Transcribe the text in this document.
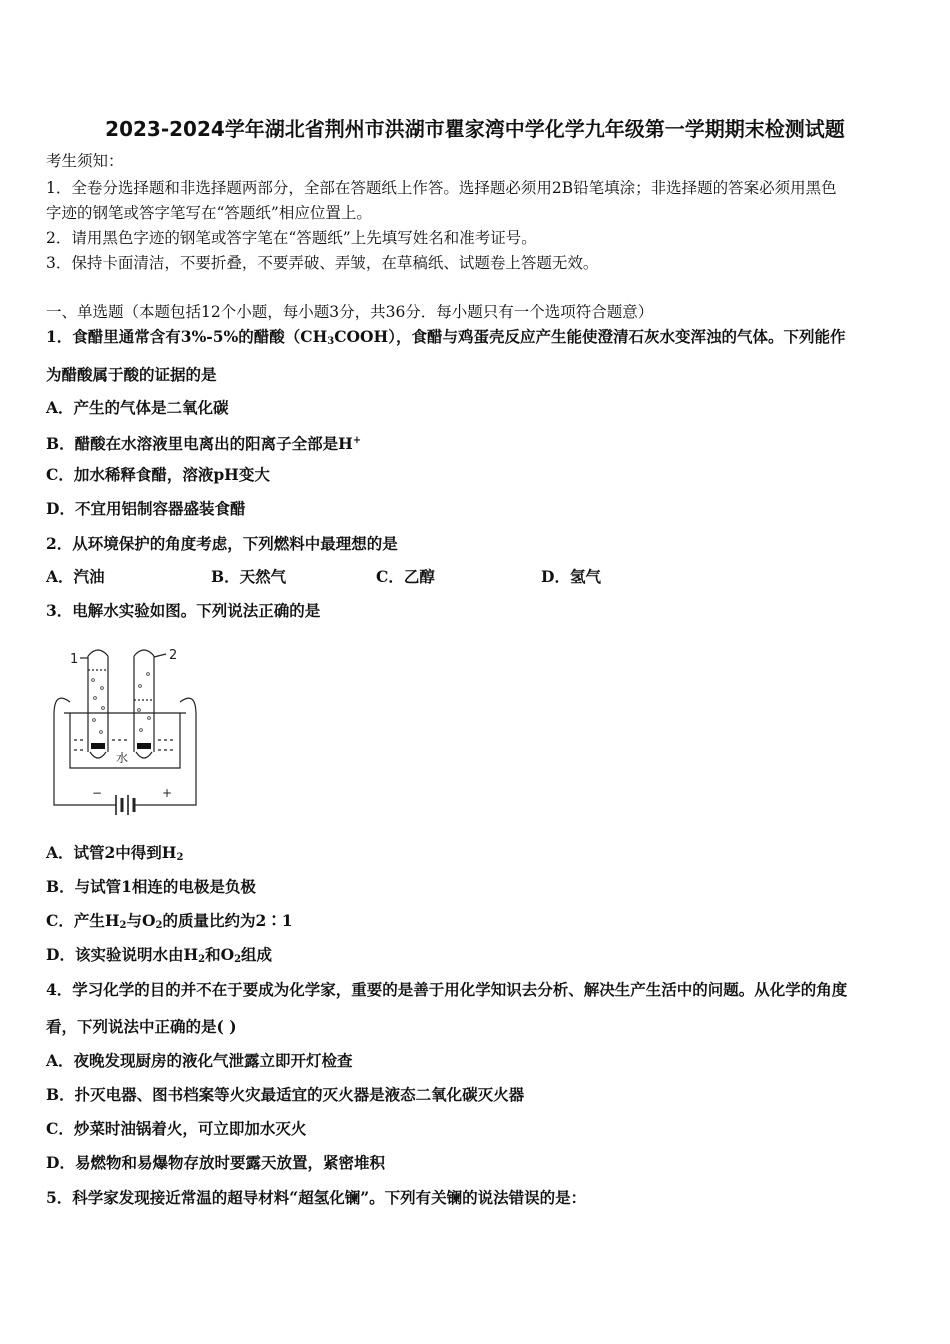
2023-2024学年湖北省荆州市洪湖市瞿家湾中学化学九年级第一学期期末检测试题
考生须知：
1．全卷分选择题和非选择题两部分，全部在答题纸上作答。选择题必须用2B铅笔填涂；非选择题的答案必须用黑色
字迹的钢笔或答字笔写在“答题纸”相应位置上。
2．请用黑色字迹的钢笔或答字笔在“答题纸”上先填写姓名和准考证号。
3．保持卡面清洁，不要折叠，不要弄破、弄皱，在草稿纸、试题卷上答题无效。
一、单选题（本题包括12个小题，每小题3分，共36分．每小题只有一个选项符合题意）
1．食醋里通常含有3%-5%的醋酸$(CH_3COOH)$，食醋与鸡蛋壳反应产生能使澄清石灰水变浑浊的气体。下列能作
为醋酸属于酸的证据的是
A．产生的气体是二氧化碳
B．醋酸在水溶液里电离出的阳离子全部是H+
C．加水稀释食醋，溶液pH变大
D．不宜用铝制容器盛装食醋
2．从环境保护的角度考虑，下列燃料中最理想的是
A．汽油	B．天然气	C．乙醇	D．氢气
3．电解水实验如图。下列说法正确的是
1	2
水
−	+
A．试管2中得到$H_2$
B．与试管1相连的电极是负极
C．产生$H_2$与$O_2$的质量比约为2∶1
D．该实验说明水由$H_2$和$O_2$组成
4．学习化学的目的并不在于要成为化学家，重要的是善于用化学知识去分析、解决生产生活中的问题。从化学的角度
看，下列说法中正确的是( )
A．夜晚发现厨房的液化气泄露立即开灯检查
B．扑灭电器、图书档案等火灾最适宜的灭火器是液态二氧化碳灭火器
C．炒菜时油锅着火，可立即加水灭火
D．易燃物和易爆物存放时要露天放置，紧密堆积
5．科学家发现接近常温的超导材料“超氢化镧”。下列有关镧的说法错误的是：
